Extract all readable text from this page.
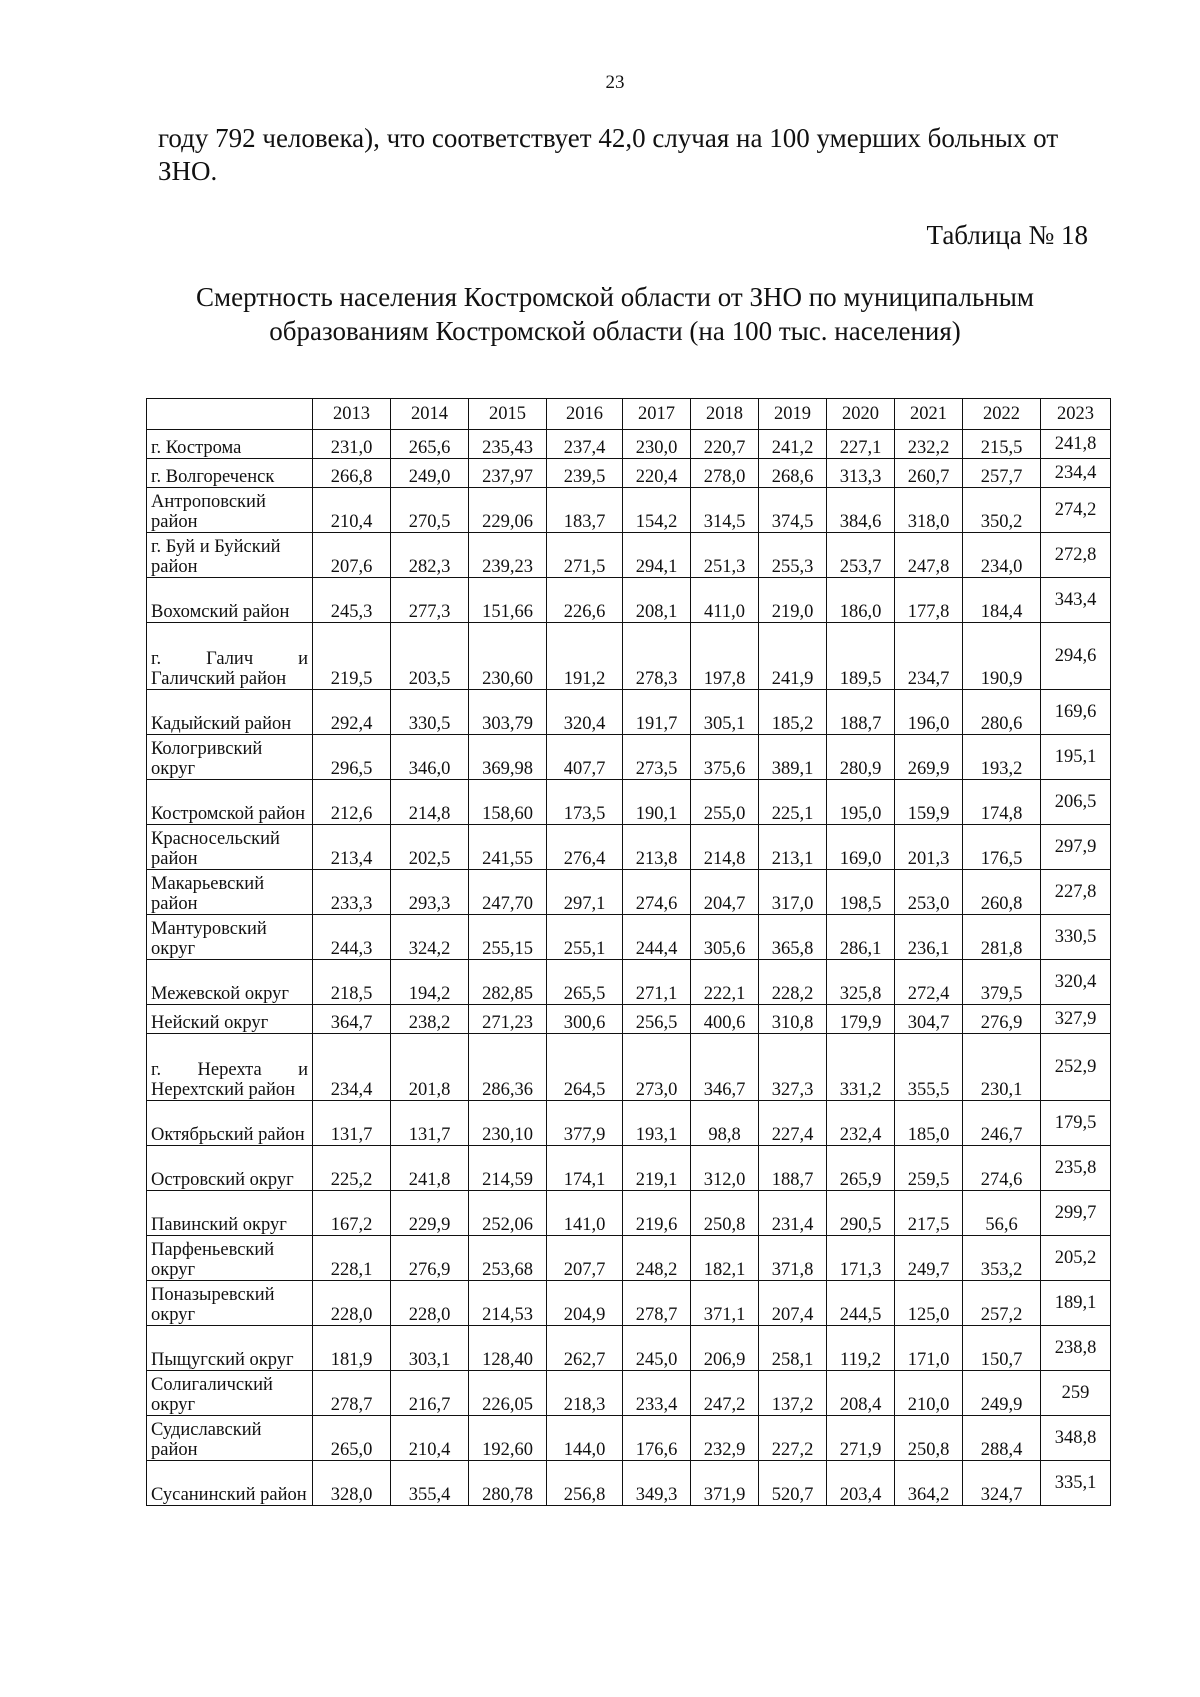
23
году 792 человека), что соответствует 42,0 случая на 100 умерших больных от ЗНО.
Таблица № 18
Смертность населения Костромской области от ЗНО по муниципальным образованиям Костромской области (на 100 тыс. населения)
	2013	2014	2015	2016	2017	2018	2019	2020	2021	2022	2023
г. Кострома	231,0	265,6	235,43	237,4	230,0	220,7	241,2	227,1	232,2	215,5	241,8
г. Волгореченск	266,8	249,0	237,97	239,5	220,4	278,0	268,6	313,3	260,7	257,7	234,4
Антроповский район	210,4	270,5	229,06	183,7	154,2	314,5	374,5	384,6	318,0	350,2	274,2
г. Буй и Буйский район	207,6	282,3	239,23	271,5	294,1	251,3	255,3	253,7	247,8	234,0	272,8
Вохомский район	245,3	277,3	151,66	226,6	208,1	411,0	219,0	186,0	177,8	184,4	343,4
г. Галич и Галичский район	219,5	203,5	230,60	191,2	278,3	197,8	241,9	189,5	234,7	190,9	294,6
Кадыйский район	292,4	330,5	303,79	320,4	191,7	305,1	185,2	188,7	196,0	280,6	169,6
Кологривский округ	296,5	346,0	369,98	407,7	273,5	375,6	389,1	280,9	269,9	193,2	195,1
Костромской район	212,6	214,8	158,60	173,5	190,1	255,0	225,1	195,0	159,9	174,8	206,5
Красносельский район	213,4	202,5	241,55	276,4	213,8	214,8	213,1	169,0	201,3	176,5	297,9
Макарьевский район	233,3	293,3	247,70	297,1	274,6	204,7	317,0	198,5	253,0	260,8	227,8
Мантуровский округ	244,3	324,2	255,15	255,1	244,4	305,6	365,8	286,1	236,1	281,8	330,5
Межевской округ	218,5	194,2	282,85	265,5	271,1	222,1	228,2	325,8	272,4	379,5	320,4
Нейский округ	364,7	238,2	271,23	300,6	256,5	400,6	310,8	179,9	304,7	276,9	327,9
г. Нерехта и Нерехтский район	234,4	201,8	286,36	264,5	273,0	346,7	327,3	331,2	355,5	230,1	252,9
Октябрьский район	131,7	131,7	230,10	377,9	193,1	98,8	227,4	232,4	185,0	246,7	179,5
Островский округ	225,2	241,8	214,59	174,1	219,1	312,0	188,7	265,9	259,5	274,6	235,8
Павинский округ	167,2	229,9	252,06	141,0	219,6	250,8	231,4	290,5	217,5	56,6	299,7
Парфеньевский округ	228,1	276,9	253,68	207,7	248,2	182,1	371,8	171,3	249,7	353,2	205,2
Поназыревский округ	228,0	228,0	214,53	204,9	278,7	371,1	207,4	244,5	125,0	257,2	189,1
Пыщугский округ	181,9	303,1	128,40	262,7	245,0	206,9	258,1	119,2	171,0	150,7	238,8
Солигаличский округ	278,7	216,7	226,05	218,3	233,4	247,2	137,2	208,4	210,0	249,9	259
Судиславский район	265,0	210,4	192,60	144,0	176,6	232,9	227,2	271,9	250,8	288,4	348,8
Сусанинский район	328,0	355,4	280,78	256,8	349,3	371,9	520,7	203,4	364,2	324,7	335,1
